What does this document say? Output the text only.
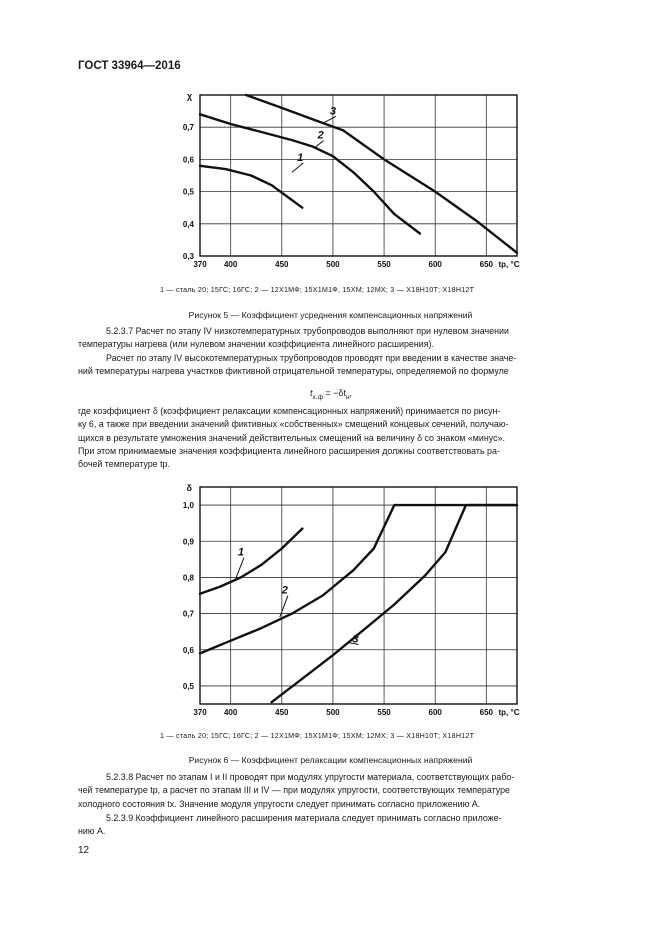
ГОСТ 33964—2016
370 400	450	500	550	600	650 tр, °C
0,3
0,4
0,5
0,6
0,7
χ
1
2
3
1 — сталь 20; 15ГС; 16ГС; 2 — 12Х1МФ; 15Х1М1Ф, 15ХМ; 12МХ; 3 — Х18Н10Т; Х18Н12Т
Рисунок 5 — Коэффициент усреднения компенсационных напряжений
5.2.3.7 Расчет по этапу IV низкотемпературных трубопроводов выполняют при нулевом значении
температуры нагрева (или нулевом значении коэффициента линейного расширения).
Расчет по этапу IV высокотемпературных трубопроводов проводят при введении в качестве значе-
ний температуры нагрева участков фиктивной отрицательной температуры, определяемой по формуле
$t_{х.ф} = -\delta t_н$,
где коэффициент δ (коэффициент релаксации компенсационных напряжений) принимается по рисун-
ку 6, а также при введении значений фиктивных «собственных» смещений концевых сечений, получаю-
щихся в результате умножения значений действительных смещений на величину δ со знаком «минус».
При этом принимаемые значения коэффициента линейного расширения должны соответствовать ра-
бочей температуре tр.
370 400	450	500	550	600	650 tр, °C
0,5
0,6
0,7
0,8
0,9
1,0
δ
1
2
3
1 — сталь 20; 15ГС; 16ГС; 2 — 12Х1МФ; 15Х1М1Ф; 15ХМ; 12МХ; 3 — Х18Н10Т; Х18Н12Т
Рисунок 6 — Коэффициент релаксации компенсационных напряжений
5.2.3.8 Расчет по этапам I и II проводят при модулях упругости материала, соответствующих рабо-
чей температуре tр, а расчет по этапам III и IV — при модулях упругости, соответствующих температуре
холодного состояния tх. Значение модуля упругости следует принимать согласно приложению А.
5.2.3.9 Коэффициент линейного расширения материала следует принимать согласно приложе-
нию А.
12
